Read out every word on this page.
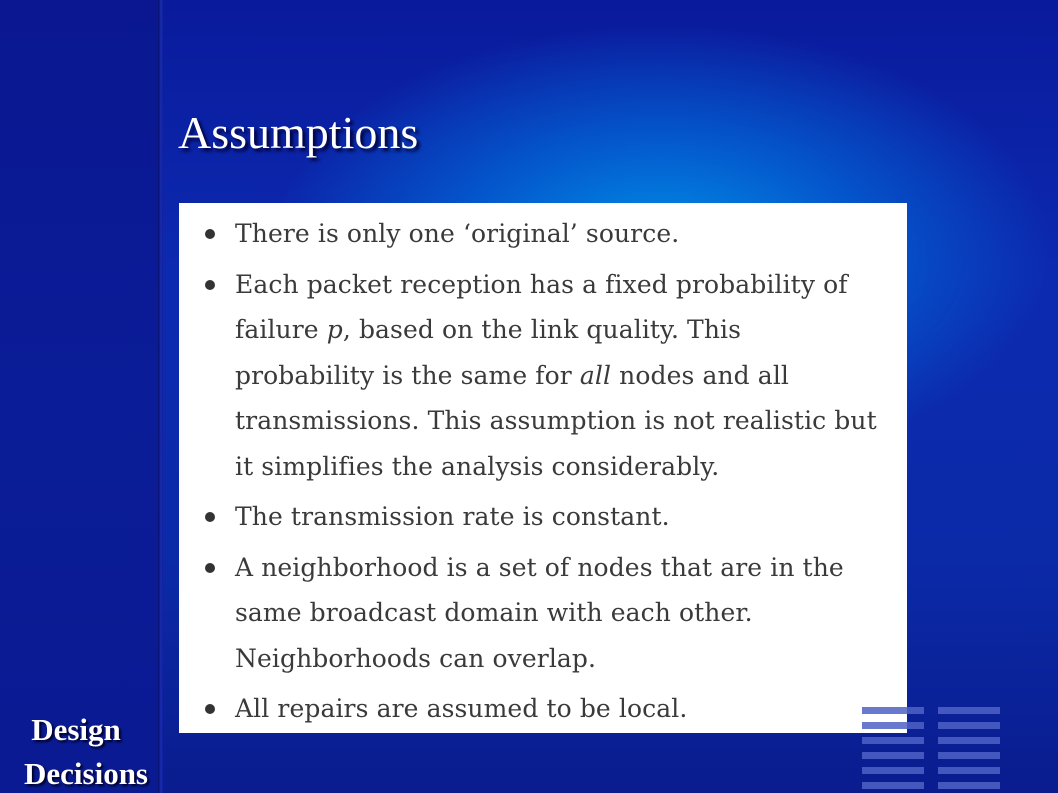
Assumptions
There is only one ‘original’ source.
Each packet reception has a fixed probability of failure p, based on the link quality. This probability is the same for all nodes and all transmissions. This assumption is not realistic but it simplifies the analysis considerably.
The transmission rate is constant.
A neighborhood is a set of nodes that are in the same broadcast domain with each other. Neighborhoods can overlap.
All repairs are assumed to be local.
Design
Decisions
